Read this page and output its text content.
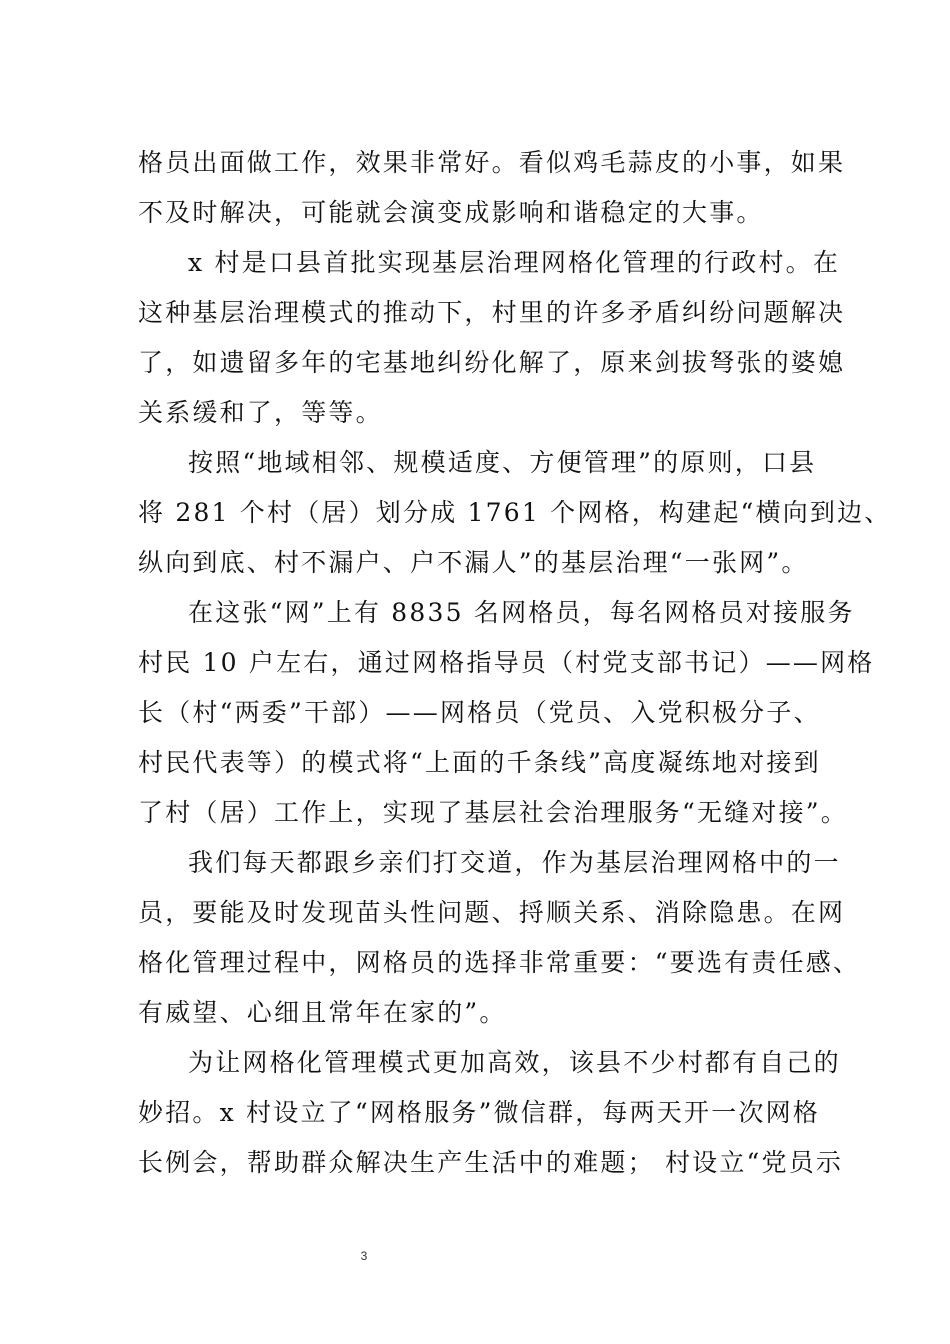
格员出面做工作，效果非常好。看似鸡毛蒜皮的小事，如果
不及时解决，可能就会演变成影响和谐稳定的大事。
x 村是口县首批实现基层治理网格化管理的行政村。在
这种基层治理模式的推动下，村里的许多矛盾纠纷问题解决
了，如遗留多年的宅基地纠纷化解了，原来剑拔弩张的婆媳
关系缓和了，等等。
按照“地域相邻、规模适度、方便管理”的原则，口县
将 281 个村（居）划分成 1761 个网格，构建起“横向到边、
纵向到底、村不漏户、户不漏人”的基层治理“一张网”。
在这张“网”上有 8835 名网格员，每名网格员对接服务
村民 10 户左右，通过网格指导员（村党支部书记）——网格
长（村“两委”干部）——网格员（党员、入党积极分子、
村民代表等）的模式将“上面的千条线”高度凝练地对接到
了村（居）工作上，实现了基层社会治理服务“无缝对接”。
我们每天都跟乡亲们打交道，作为基层治理网格中的一
员，要能及时发现苗头性问题、捋顺关系、消除隐患。在网
格化管理过程中，网格员的选择非常重要：“要选有责任感、
有威望、心细且常年在家的”。
为让网格化管理模式更加高效，该县不少村都有自己的
妙招。x 村设立了“网格服务”微信群，每两天开一次网格
长例会，帮助群众解决生产生活中的难题； 村设立“党员示
3
